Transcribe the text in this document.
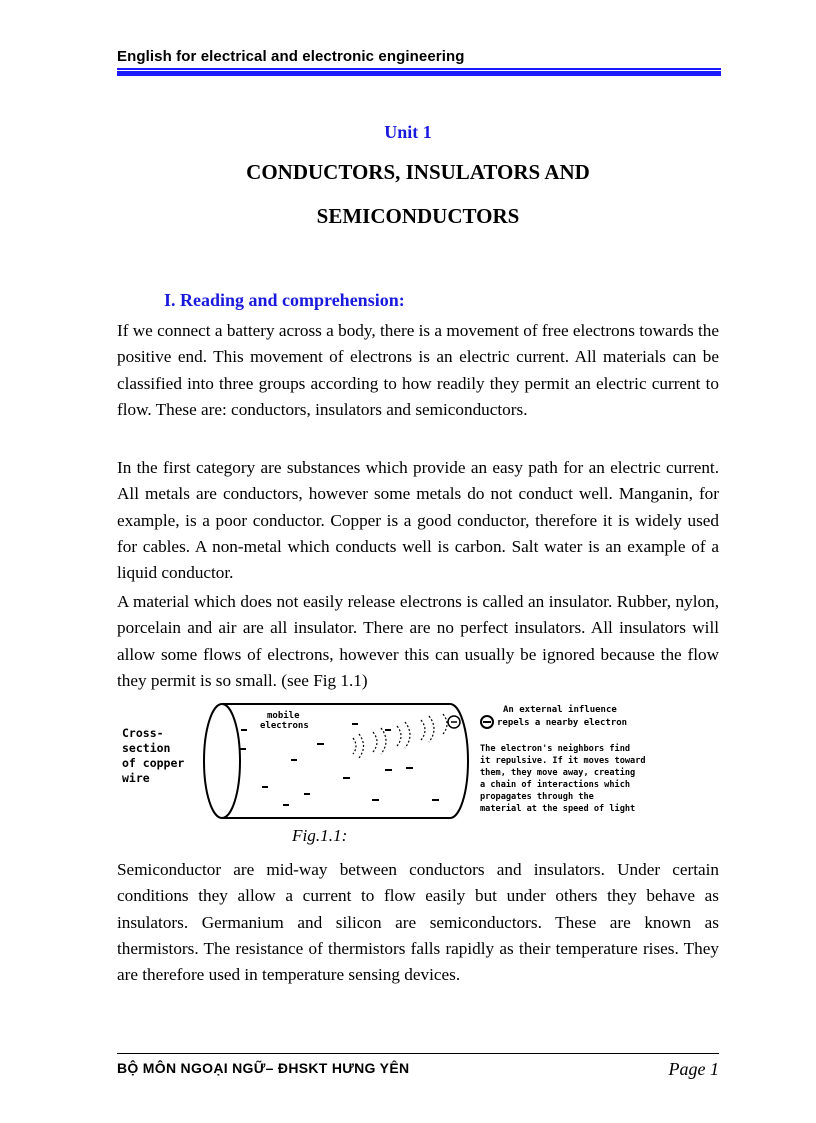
English for electrical and electronic engineering
Unit 1
CONDUCTORS, INSULATORS AND
SEMICONDUCTORS
I. Reading and comprehension:
If we connect a battery across a body, there is a movement of free electrons towards the positive end. This movement of electrons is an electric current. All materials can be classified into three groups according to how readily they permit an electric current to flow. These are: conductors, insulators and semiconductors.
In the first category are substances which provide an easy path for an electric current. All metals are conductors, however some metals do not conduct well. Manganin, for example, is a poor conductor. Copper is a good conductor, therefore it is widely used for cables. A non-metal which conducts well is carbon. Salt water is an example of a liquid conductor.
A material which does not easily release electrons is called an insulator. Rubber, nylon, porcelain and air are all insulator. There are no perfect insulators. All insulators will allow some flows of electrons, however this can usually be ignored because the flow they permit is so small. (see Fig 1.1)
Cross- section of copper wire
mobile electrons
An external influence repels a nearby electron
The electron's neighbors find it repulsive. If it moves toward them, they move away, creating a chain of interactions which propagates through the material at the speed of light
Fig.1.1:
Semiconductor are mid-way between conductors and insulators. Under certain conditions they allow a current to flow easily but under others they behave as insulators. Germanium and silicon are semiconductors. These are known as thermistors. The resistance of thermistors falls rapidly as their temperature rises. They are therefore used in temperature sensing devices.
BỘ MÔN NGOẠI NGỮ– ĐHSKT HƯNG YÊN	Page 1
